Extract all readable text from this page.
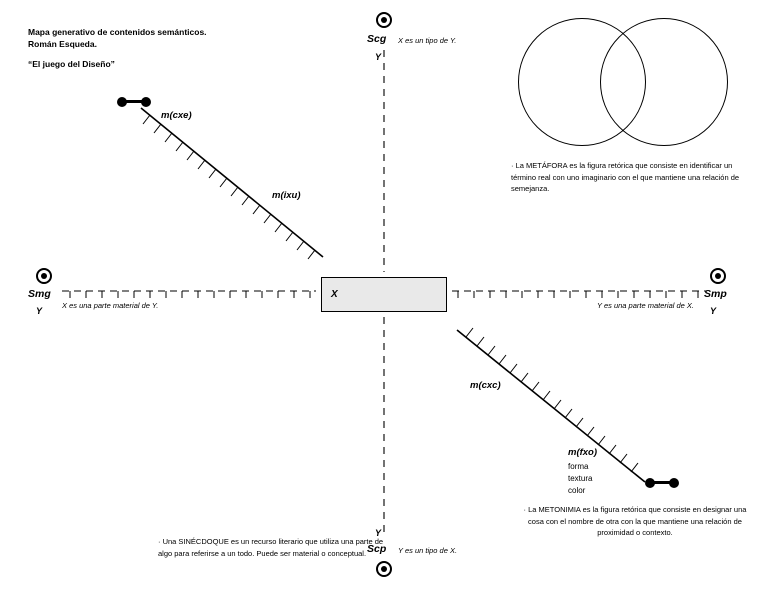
Mapa generativo de contenidos semánticos.
Román Esqueda.
“El juego del Diseño”
X
Scg
Y
X es un tipo de Y.
Y
Scp Y es un tipo de X.
Smg
Y
X es una parte material de Y.
Smp
Y
Y es una parte material de X.
m(cxe)
m(ixu)
m(cxc)
m(fxo)
forma
textura
color
· La METÁFORA es la figura retórica que consiste en identificar un término real con uno imaginario con el que mantiene una relación de semejanza.
· La METONIMIA es la figura retórica que consiste en designar una cosa con el nombre de otra con la que mantiene una relación de proximidad o contexto.
· Una SINÉCDOQUE es un recurso literario que utiliza una parte de algo para referirse a un todo. Puede ser material o conceptual.
